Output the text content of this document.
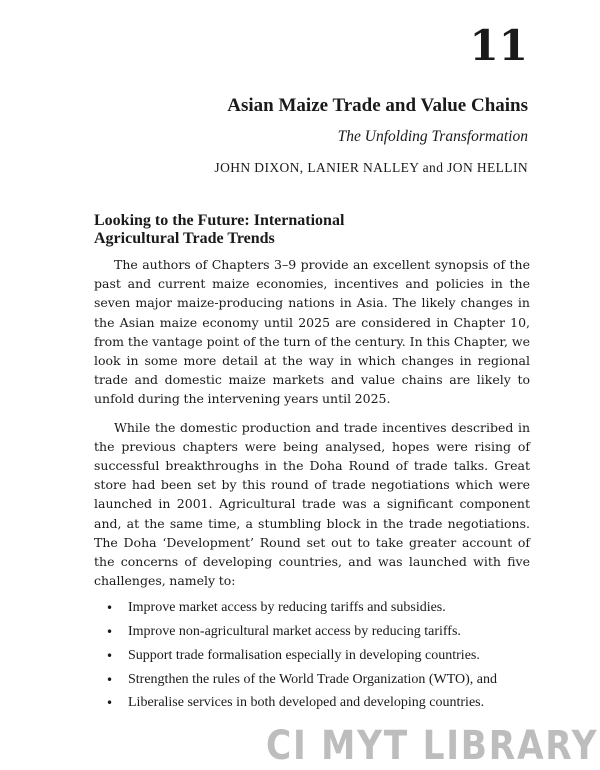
11
Asian Maize Trade and Value Chains
The Unfolding Transformation
JOHN DIXON, LANIER NALLEY and JON HELLIN
Looking to the Future: International
Agricultural Trade Trends

The authors of Chapters 3–9 provide an excellent synopsis of the past and current maize economies, incentives and policies in the seven major maize-producing nations in Asia. The likely changes in the Asian maize economy until 2025 are considered in Chapter 10, from the vantage point of the turn of the century. In this Chapter, we look in some more detail at the way in which changes in regional trade and domestic maize markets and value chains are likely to unfold during the intervening years until 2025.

While the domestic production and trade incentives described in the previous chapters were being analysed, hopes were rising of successful breakthroughs in the Doha Round of trade talks. Great store had been set by this round of trade negotiations which were launched in 2001. Agricultural trade was a significant component and, at the same time, a stumbling block in the trade negotiations. The Doha ‘Development’ Round set out to take greater account of the concerns of developing countries, and was launched with five challenges, namely to:

• Improve market access by reducing tariffs and subsidies.
• Improve non-agricultural market access by reducing tariffs.
• Support trade formalisation especially in developing countries.
• Strengthen the rules of the World Trade Organization (WTO), and
• Liberalise services in both developed and developing countries.
CI MYT LIBRARY
